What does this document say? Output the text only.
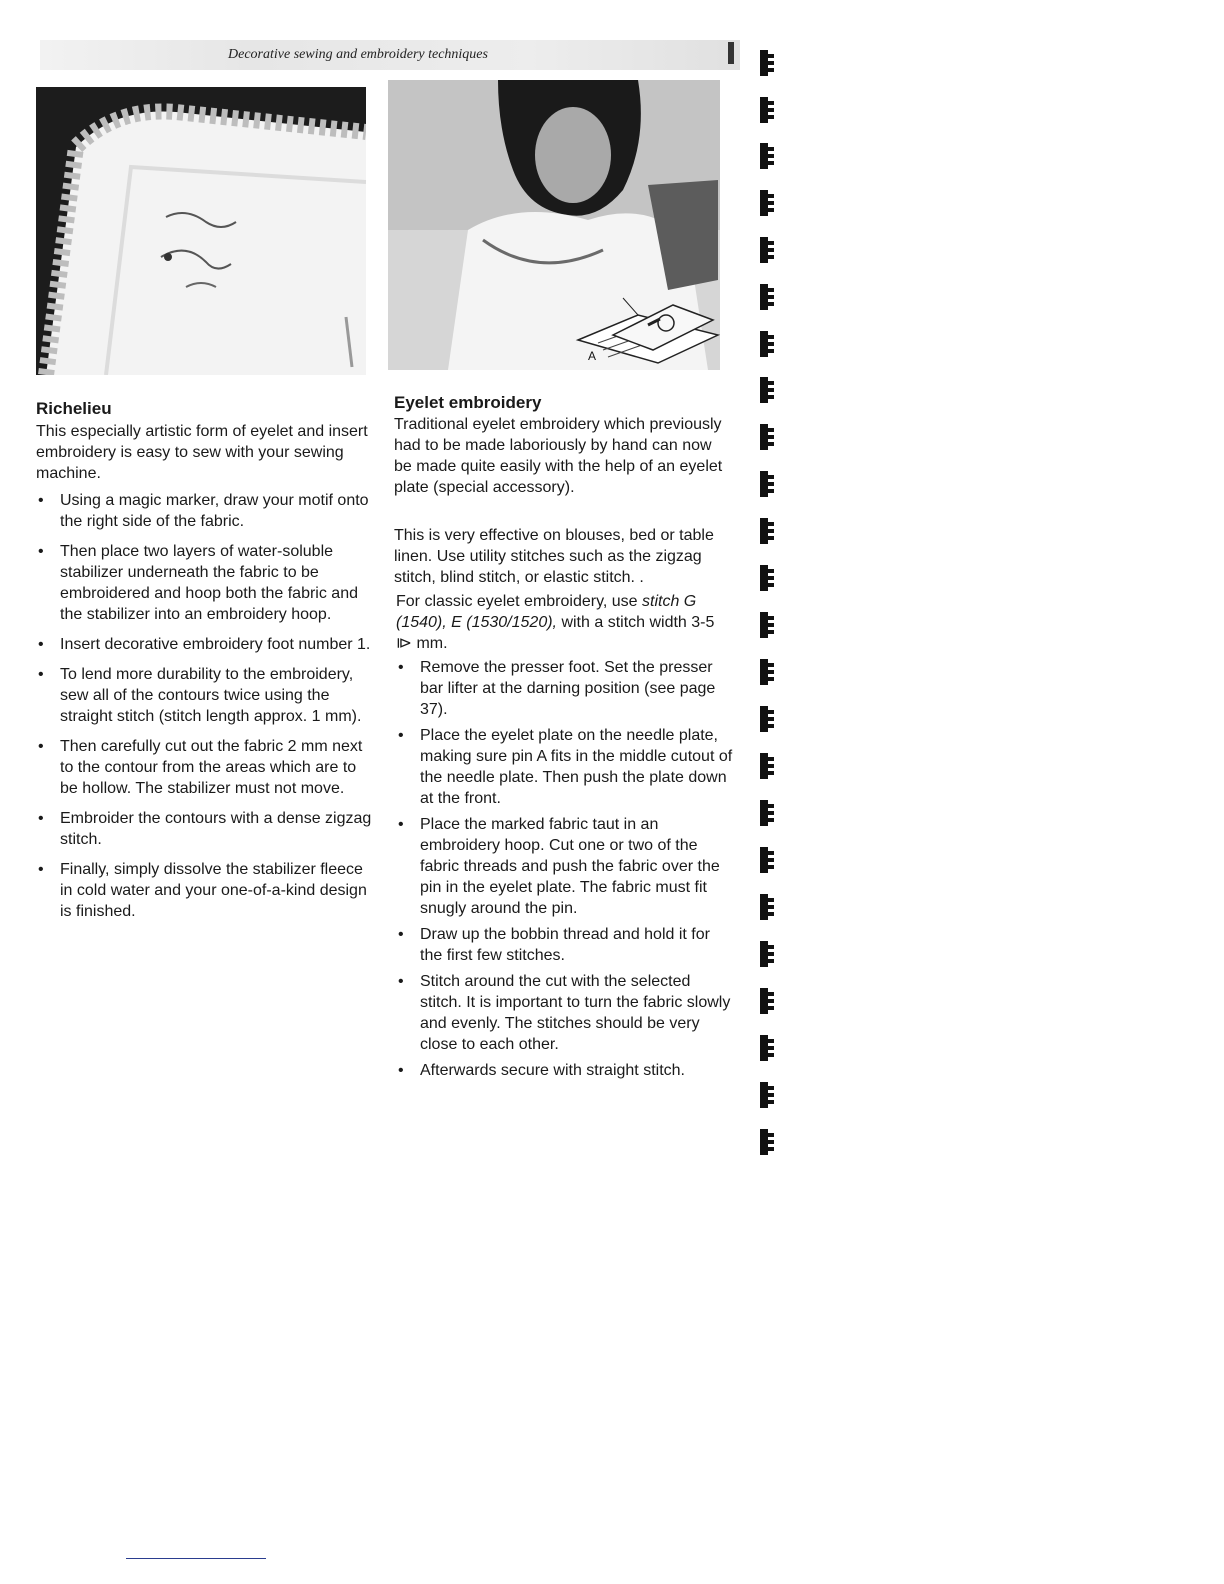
Decorative sewing and embroidery techniques
A
Richelieu

This especially artistic form of eyelet and insert embroidery is easy to sew with your sewing machine.

• Using a magic marker, draw your motif onto the right side of the fabric.
• Then place two layers of water-soluble stabilizer underneath the fabric to be embroidered and hoop both the fabric and the stabilizer into an embroidery hoop.
• Insert decorative embroidery foot number 1.
• To lend more durability to the embroidery, sew all of the contours twice using the straight stitch (stitch length approx. 1 mm).
• Then carefully cut out the fabric 2 mm next to the contour from the areas which are to be hollow. The stabilizer must not move.
• Embroider the contours with a dense zigzag stitch.
• Finally, simply dissolve the stabilizer fleece in cold water and your one-of-a-kind design is finished.
Eyelet embroidery

Traditional eyelet embroidery which previously had to be made laboriously by hand can now be made quite easily with the help of an eyelet plate (special accessory).

This is very effective on blouses, bed or table linen. Use utility stitches such as the zigzag stitch, blind stitch, or elastic stitch. .

For classic eyelet embroidery, use stitch G (1540), E (1530/1520), with a stitch width 3-5 ⧐ mm.

• Remove the presser foot. Set the presser bar lifter at the darning position (see page 37).
• Place the eyelet plate on the needle plate, making sure pin A fits in the middle cutout of the needle plate. Then push the plate down at the front.
• Place the marked fabric taut in an embroidery hoop. Cut one or two of the fabric threads and push the fabric over the pin in the eyelet plate. The fabric must fit snugly around the pin.
• Draw up the bobbin thread and hold it for the first few stitches.
• Stitch around the cut with the selected stitch. It is important to turn the fabric slowly and evenly. The stitches should be very close to each other.
• Afterwards secure with straight stitch.
